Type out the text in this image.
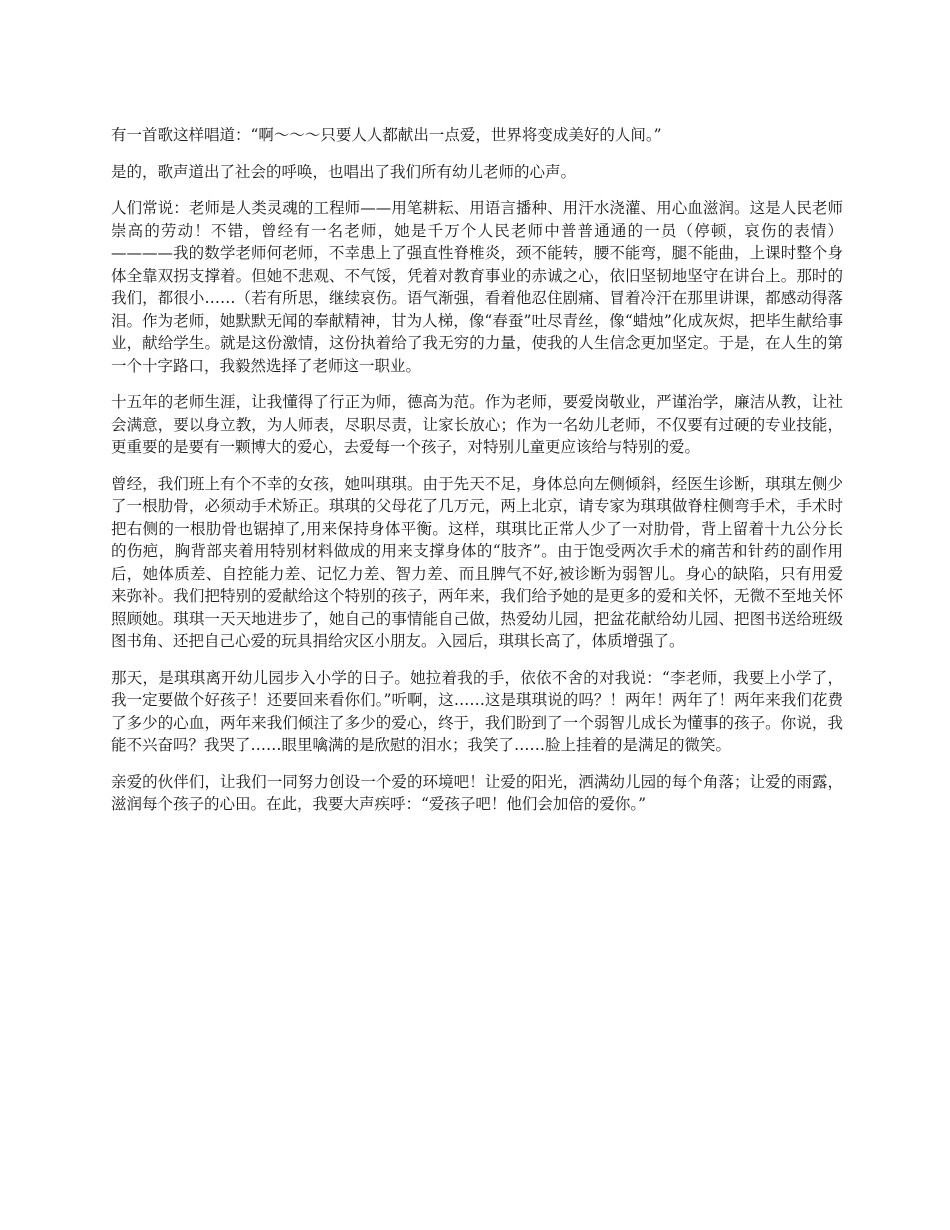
有一首歌这样唱道：“啊～～～只要人人都献出一点爱，世界将变成美好的人间。”

是的，歌声道出了社会的呼唤，也唱出了我们所有幼儿老师的心声。

人们常说：老师是人类灵魂的工程师——用笔耕耘、用语言播种、用汗水浇灌、用心血滋润。这是人民老师崇高的劳动！不错，曾经有一名老师，她是千万个人民老师中普普通通的一员（停顿，哀伤的表情）————我的数学老师何老师，不幸患上了强直性脊椎炎，颈不能转，腰不能弯，腿不能曲，上课时整个身体全靠双拐支撑着。但她不悲观、不气馁，凭着对教育事业的赤诚之心，依旧坚韧地坚守在讲台上。那时的我们，都很小……（若有所思，继续哀伤。语气渐强，看着他忍住剧痛、冒着冷汗在那里讲课，都感动得落泪。作为老师，她默默无闻的奉献精神，甘为人梯，像“春蚕”吐尽青丝，像“蜡烛”化成灰烬，把毕生献给事业，献给学生。就是这份激情，这份执着给了我无穷的力量，使我的人生信念更加坚定。于是，在人生的第一个十字路口，我毅然选择了老师这一职业。

十五年的老师生涯，让我懂得了行正为师，德高为范。作为老师，要爱岗敬业，严谨治学，廉洁从教，让社会满意，要以身立教，为人师表，尽职尽责，让家长放心；作为一名幼儿老师，不仅要有过硬的专业技能，更重要的是要有一颗博大的爱心，去爱每一个孩子，对特别儿童更应该给与特别的爱。

曾经，我们班上有个不幸的女孩，她叫琪琪。由于先天不足，身体总向左侧倾斜，经医生诊断，琪琪左侧少了一根肋骨，必须动手术矫正。琪琪的父母花了几万元，两上北京，请专家为琪琪做脊柱侧弯手术，手术时把右侧的一根肋骨也锯掉了,用来保持身体平衡。这样，琪琪比正常人少了一对肋骨，背上留着十九公分长的伤疤，胸背部夹着用特别材料做成的用来支撑身体的“肢齐”。由于饱受两次手术的痛苦和针药的副作用后，她体质差、自控能力差、记忆力差、智力差、而且脾气不好,被诊断为弱智儿。身心的缺陷，只有用爱来弥补。我们把特别的爱献给这个特别的孩子，两年来，我们给予她的是更多的爱和关怀，无微不至地关怀照顾她。琪琪一天天地进步了，她自己的事情能自己做，热爱幼儿园，把盆花献给幼儿园、把图书送给班级图书角、还把自己心爱的玩具捐给灾区小朋友。入园后，琪琪长高了，体质增强了。

那天，是琪琪离开幼儿园步入小学的日子。她拉着我的手，依依不舍的对我说：“李老师，我要上小学了，我一定要做个好孩子！还要回来看你们。”听啊，这……这是琪琪说的吗？！两年！两年了！两年来我们花费了多少的心血，两年来我们倾注了多少的爱心，终于，我们盼到了一个弱智儿成长为懂事的孩子。你说，我能不兴奋吗？我哭了……眼里噙满的是欣慰的泪水；我笑了……脸上挂着的是满足的微笑。

亲爱的伙伴们，让我们一同努力创设一个爱的环境吧！让爱的阳光，洒满幼儿园的每个角落；让爱的雨露，滋润每个孩子的心田。在此，我要大声疾呼：“爱孩子吧！他们会加倍的爱你。”
